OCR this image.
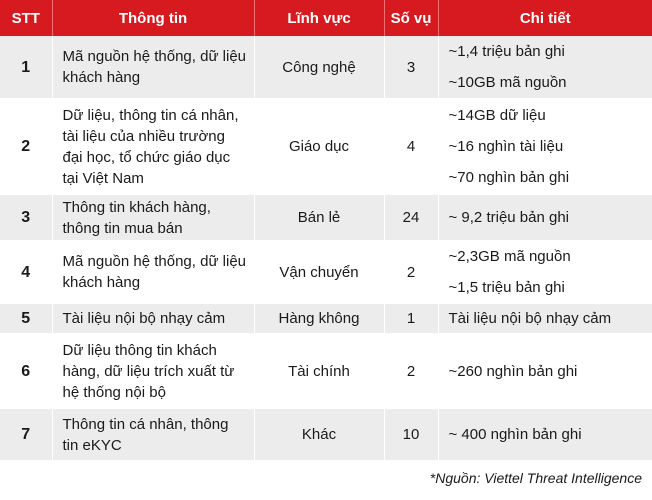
STT	Thông tin	Lĩnh vực	Số vụ	Chi tiết
1	Mã nguồn hệ thống, dữ liệu khách hàng	Công nghệ	3	~1,4 triệu bản ghi
~10GB mã nguồn

2	Dữ liệu, thông tin cá nhân, tài liệu của nhiều trường đại học, tổ chức giáo dục tại Việt Nam	Giáo dục	4	~14GB dữ liệu
~16 nghìn tài liệu
~70 nghìn bản ghi

3	Thông tin khách hàng, thông tin mua bán	Bán lẻ	24	~ 9,2 triệu bản ghi

4	Mã nguồn hệ thống, dữ liệu khách hàng	Vận chuyển	2	~2,3GB mã nguồn
~1,5 triệu bản ghi

5	Tài liệu nội bộ nhạy cảm	Hàng không	1	Tài liệu nội bộ nhạy cảm

6	Dữ liệu thông tin khách hàng, dữ liệu trích xuất từ hệ thống nội bộ	Tài chính	2	~260 nghìn bản ghi

7	Thông tin cá nhân, thông tin eKYC	Khác	10	~ 400 nghìn bản ghi
*Nguồn: Viettel Threat Intelligence
